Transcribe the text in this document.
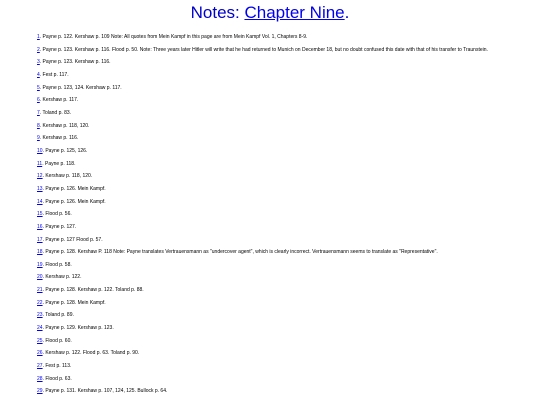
Notes: Chapter Nine.
1. Payne p. 122. Kershaw p. 109 Note: All quotes from Mein Kampf in this page are from Mein Kampf Vol. 1, Chapters 8-9.
2. Payne p. 123. Kershaw p. 116. Flood p. 50. Note: Three years later Hitler will write that he had returned to Munich on December 18, but no doubt confused this date with that of his transfer to Traunstein.
3. Payne p. 123. Kershaw p. 116.
4. Fest p. 117.
5. Payne p. 123, 124. Kershaw p. 117.
6. Kershaw p. 117.
7. Toland p. 83.
8. Kershaw p. 118, 120.
9. Kershaw p. 116.
10. Payne p. 125, 126.
11. Payne p. 118.
12. Kershaw p. 118, 120.
13. Payne p. 126. Mein Kampf.
14. Payne p. 126. Mein Kampf.
15. Flood p. 56.
16. Payne p. 127.
17. Payne p. 127 Flood p. 57.
18. Payne p. 128. Kershaw P. 118 Note: Payne translates Vertrauensmann as "undercover agent", which is clearly incorrect. Vertrauensmann seems to translate as "Representative".
19. Flood p. 58.
20. Kershaw p. 122.
21. Payne p. 128. Kershaw p. 122. Toland p. 88.
22. Payne p. 128. Mein Kampf.
23. Toland p. 89.
24. Payne p. 129. Kershaw p. 123.
25. Flood p. 60.
26. Kershaw p. 122. Flood p. 63. Toland p. 90.
27. Fest p. 113.
28. Flood p. 63.
29. Payne p. 131. Kershaw p. 107, 124, 125. Bullock p. 64.
